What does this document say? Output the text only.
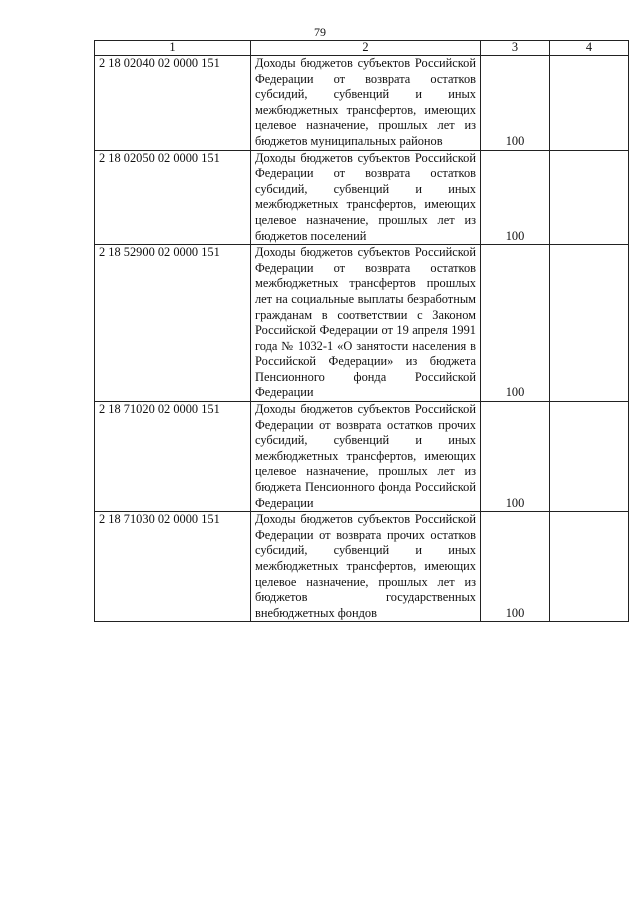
79
1	2	3	4
2 18 02040 02 0000 151	Доходы бюджетов субъектов Российской Федерации от возврата остатков субсидий, субвенций и иных межбюджетных трансфертов, имеющих целевое назначение, прошлых лет из бюджетов муниципальных районов	100	
2 18 02050 02 0000 151	Доходы бюджетов субъектов Российской Федерации от возврата остатков субсидий, субвенций и иных межбюджетных трансфертов, имеющих целевое назначение, прошлых лет из бюджетов поселений	100	
2 18 52900 02 0000 151	Доходы бюджетов субъектов Российской Федерации от возврата остатков межбюджетных трансфертов прошлых лет на социальные выплаты безработным гражданам в соответствии с Законом Российской Федерации от 19 апреля 1991 года № 1032-1 «О занятости населения в Российской Федерации» из бюджета Пенсионного фонда Российской Федерации	100	
2 18 71020 02 0000 151	Доходы бюджетов субъектов Российской Федерации от возврата остатков прочих субсидий, субвенций и иных межбюджетных трансфертов, имеющих целевое назначение, прошлых лет из бюджета Пенсионного фонда Российской Федерации	100	
2 18 71030 02 0000 151	Доходы бюджетов субъектов Российской Федерации от возврата прочих остатков субсидий, субвенций и иных межбюджетных трансфертов, имеющих целевое назначение, прошлых лет из бюджетов государственных внебюджетных фондов	100	
